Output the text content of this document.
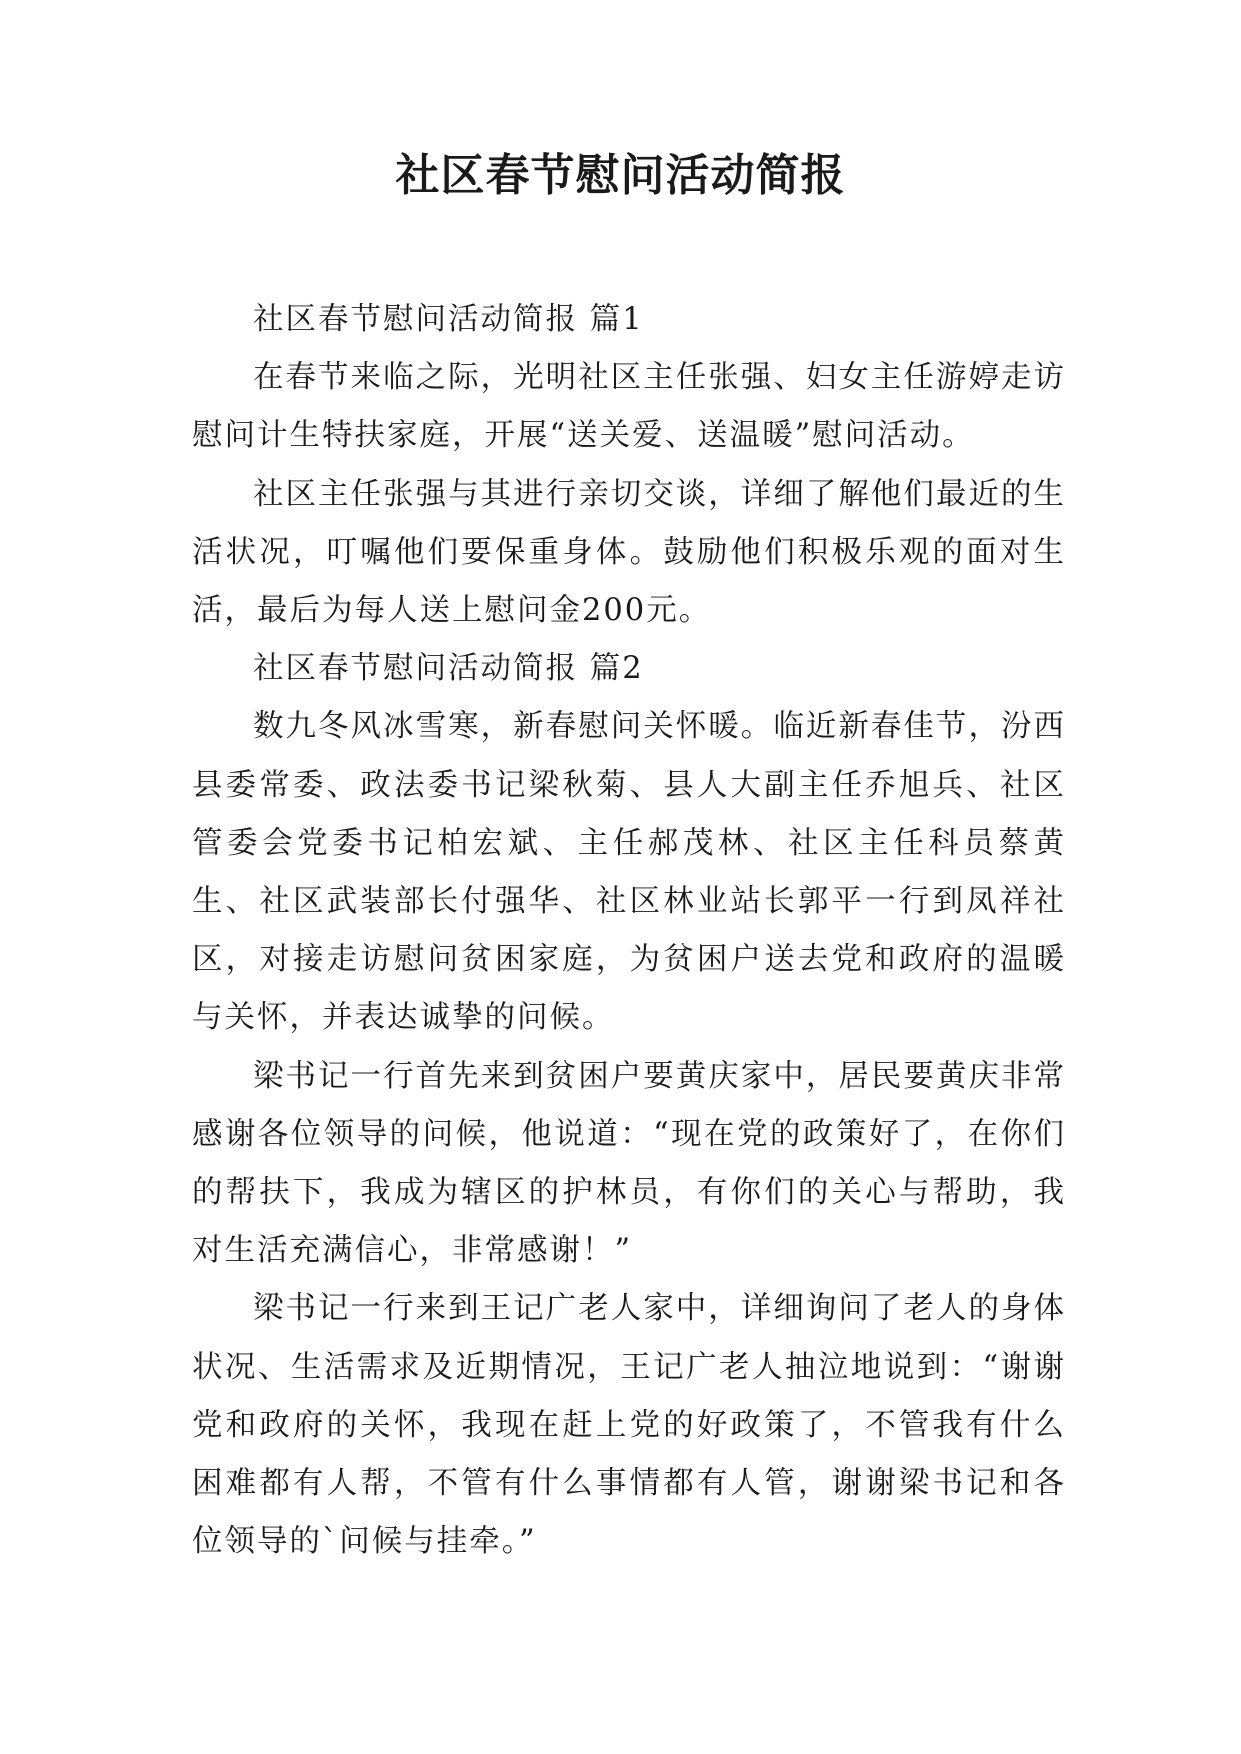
社区春节慰问活动简报

社区春节慰问活动简报 篇1

在春节来临之际，光明社区主任张强、妇女主任游婷走访慰问计生特扶家庭，开展“送关爱、送温暖”慰问活动。

社区主任张强与其进行亲切交谈，详细了解他们最近的生活状况，叮嘱他们要保重身体。鼓励他们积极乐观的面对生活，最后为每人送上慰问金200元。

社区春节慰问活动简报 篇2

数九冬风冰雪寒，新春慰问关怀暖。临近新春佳节，汾西县委常委、政法委书记梁秋菊、县人大副主任乔旭兵、社区管委会党委书记柏宏斌、主任郝茂林、社区主任科员蔡黄生、社区武装部长付强华、社区林业站长郭平一行到凤祥社区，对接走访慰问贫困家庭，为贫困户送去党和政府的温暖与关怀，并表达诚挚的问候。

梁书记一行首先来到贫困户要黄庆家中，居民要黄庆非常感谢各位领导的问候，他说道：“现在党的政策好了，在你们的帮扶下，我成为辖区的护林员，有你们的关心与帮助，我对生活充满信心，非常感谢！”

梁书记一行来到王记广老人家中，详细询问了老人的身体状况、生活需求及近期情况，王记广老人抽泣地说到：“谢谢党和政府的关怀，我现在赶上党的好政策了，不管我有什么困难都有人帮，不管有什么事情都有人管，谢谢梁书记和各位领导的`问候与挂牵。”
